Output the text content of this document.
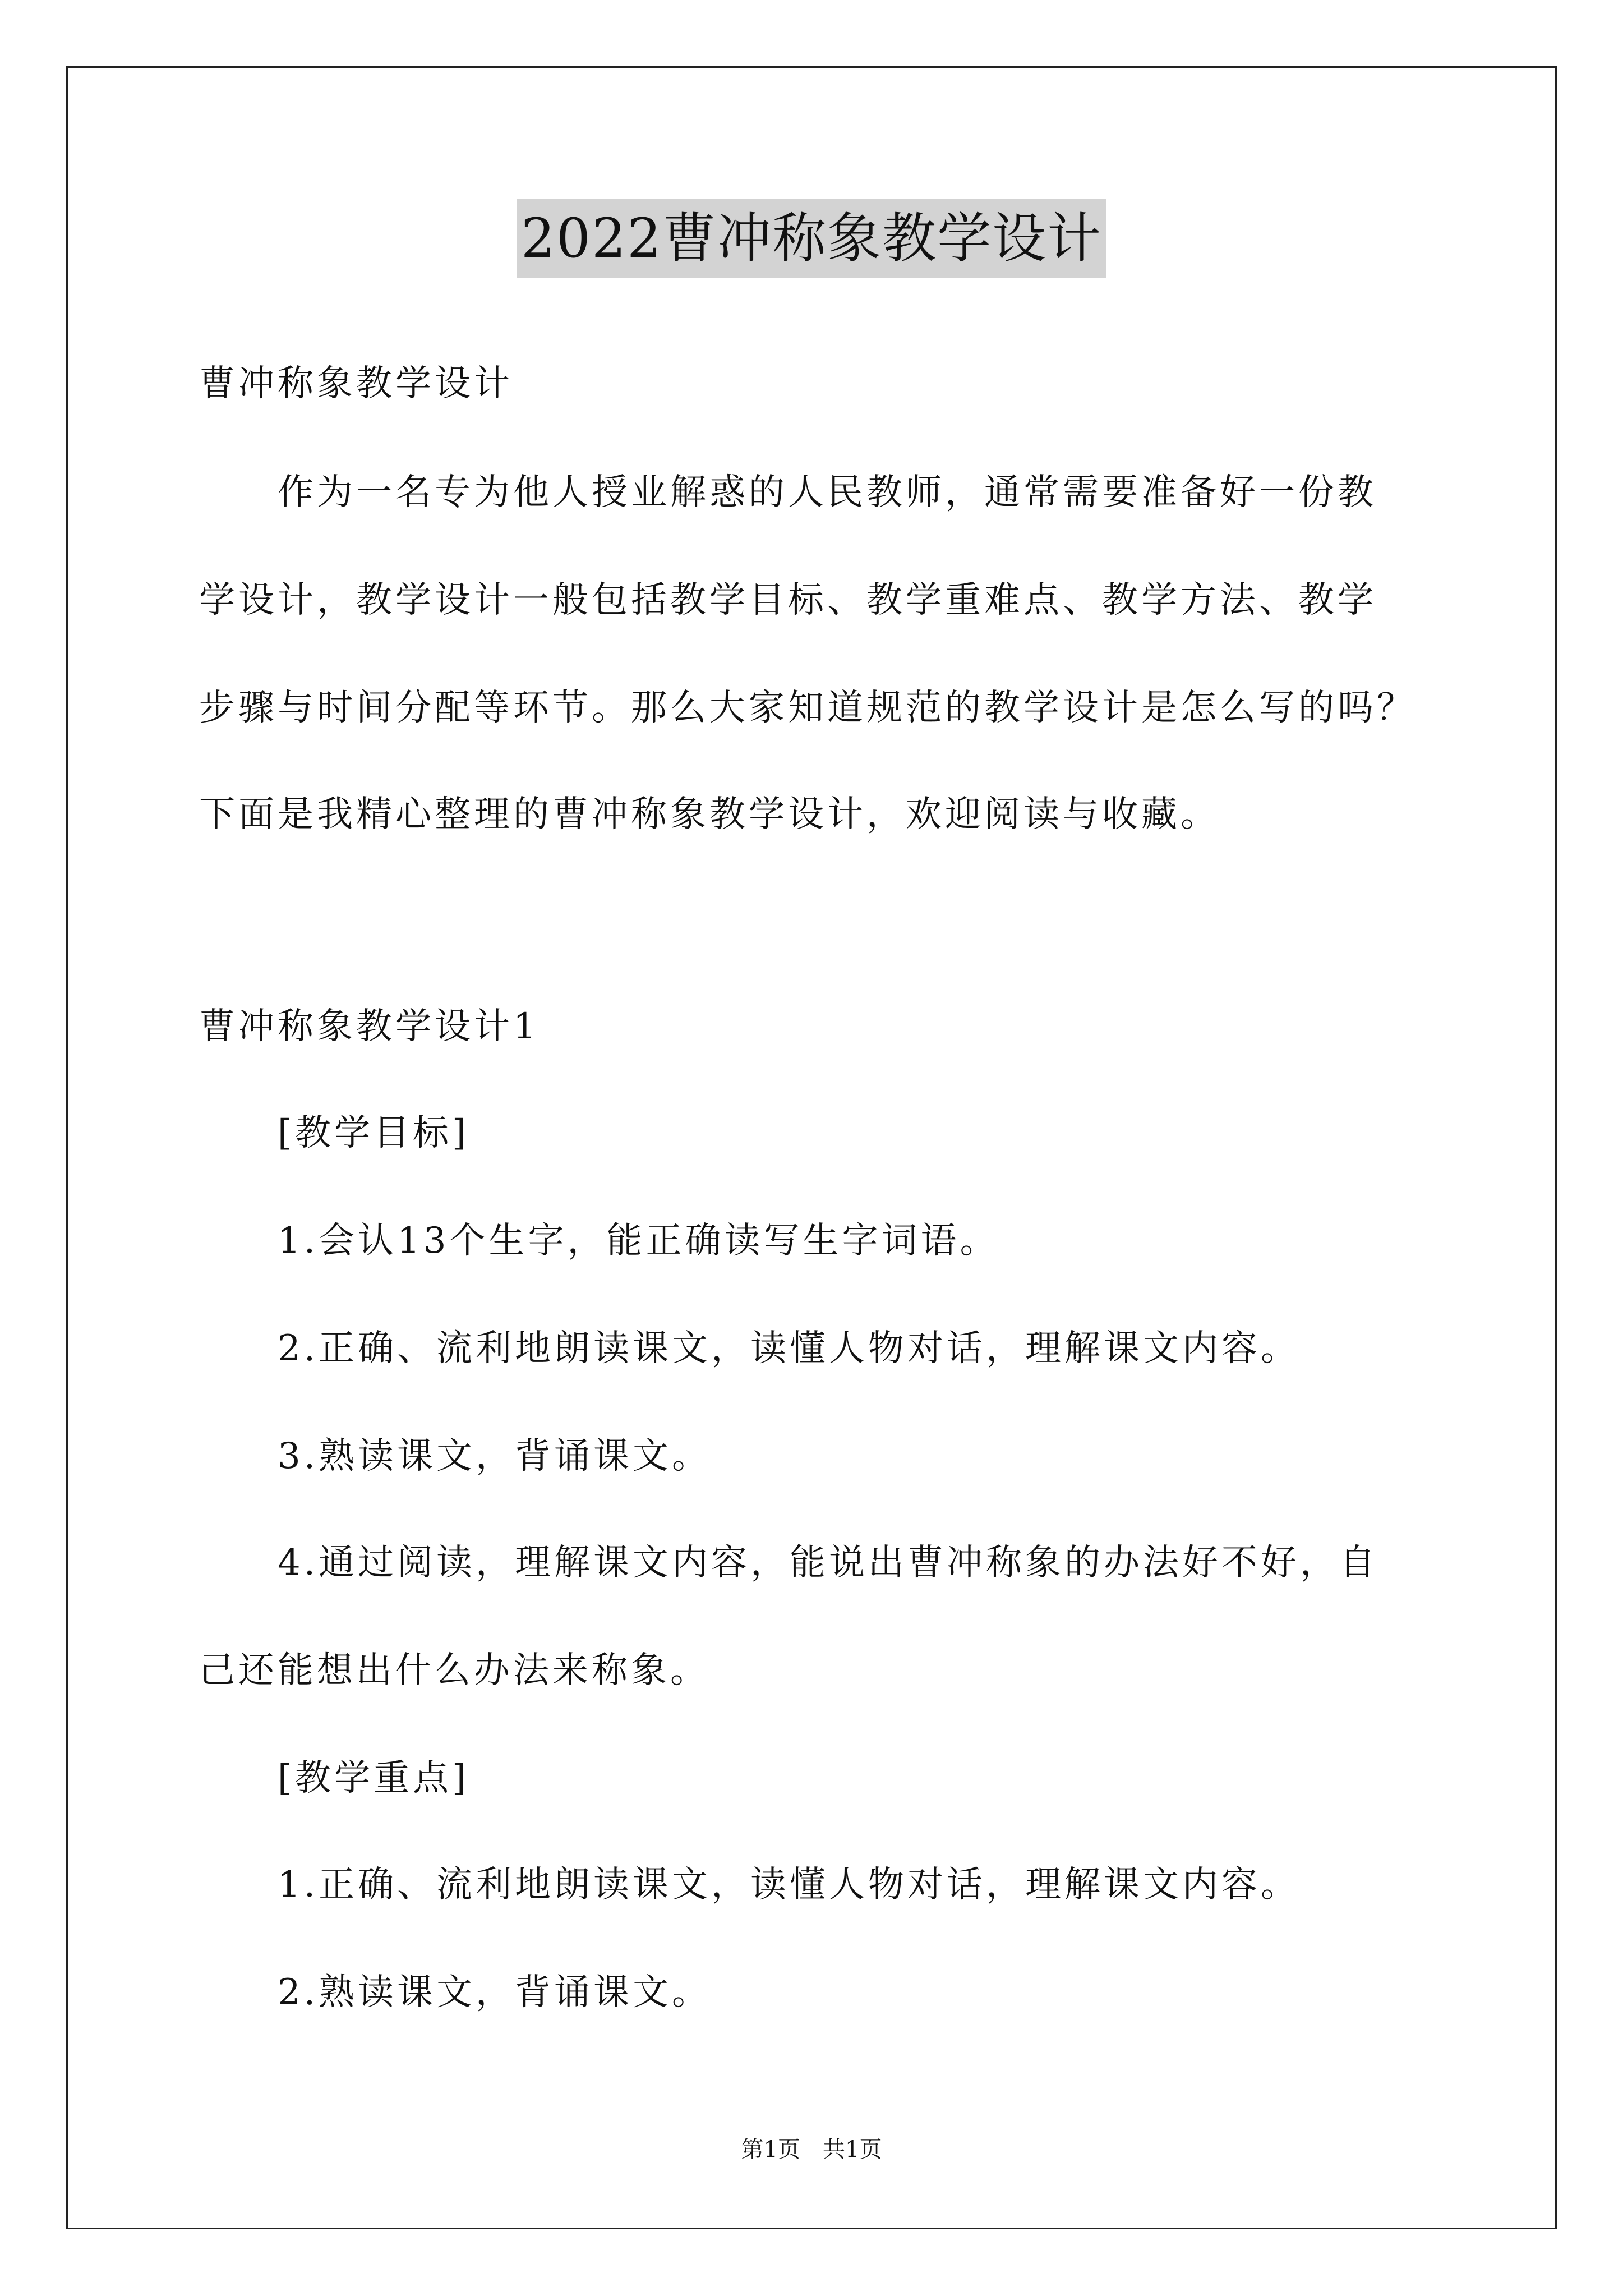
2022曹冲称象教学设计
曹冲称象教学设计
作为一名专为他人授业解惑的人民教师，通常需要准备好一份教
学设计，教学设计一般包括教学目标、教学重难点、教学方法、教学
步骤与时间分配等环节。那么大家知道规范的教学设计是怎么写的吗？
下面是我精心整理的曹冲称象教学设计，欢迎阅读与收藏。
曹冲称象教学设计1
[教学目标]
1.会认13个生字，能正确读写生字词语。
2.正确、流利地朗读课文，读懂人物对话，理解课文内容。
3.熟读课文，背诵课文。
4.通过阅读，理解课文内容，能说出曹冲称象的办法好不好，自
己还能想出什么办法来称象。
[教学重点]
1.正确、流利地朗读课文，读懂人物对话，理解课文内容。
2.熟读课文，背诵课文。
第1页　共1页
